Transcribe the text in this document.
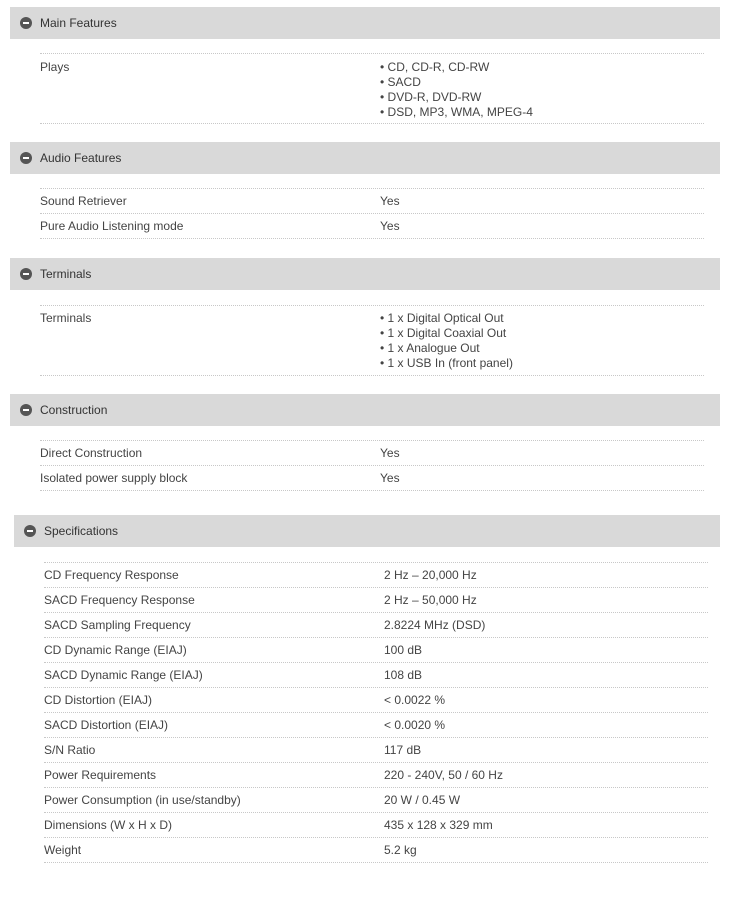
Main Features
Plays	• CD, CD-R, CD-RW
• SACD
• DVD-R, DVD-RW
• DSD, MP3, WMA, MPEG-4
Audio Features
Sound Retriever	Yes
Pure Audio Listening mode	Yes
Terminals
Terminals	• 1 x Digital Optical Out
• 1 x Digital Coaxial Out
• 1 x Analogue Out
• 1 x USB In (front panel)
Construction
Direct Construction	Yes
Isolated power supply block	Yes
Specifications
CD Frequency Response	2 Hz – 20,000 Hz
SACD Frequency Response	2 Hz – 50,000 Hz
SACD Sampling Frequency	2.8224 MHz (DSD)
CD Dynamic Range (EIAJ)	100 dB
SACD Dynamic Range (EIAJ)	108 dB
CD Distortion (EIAJ)	< 0.0022 %
SACD Distortion (EIAJ)	< 0.0020 %
S/N Ratio	117 dB
Power Requirements	220 - 240V, 50 / 60 Hz
Power Consumption (in use/standby)	20 W / 0.45 W
Dimensions (W x H x D)	435 x 128 x 329 mm
Weight	5.2 kg
